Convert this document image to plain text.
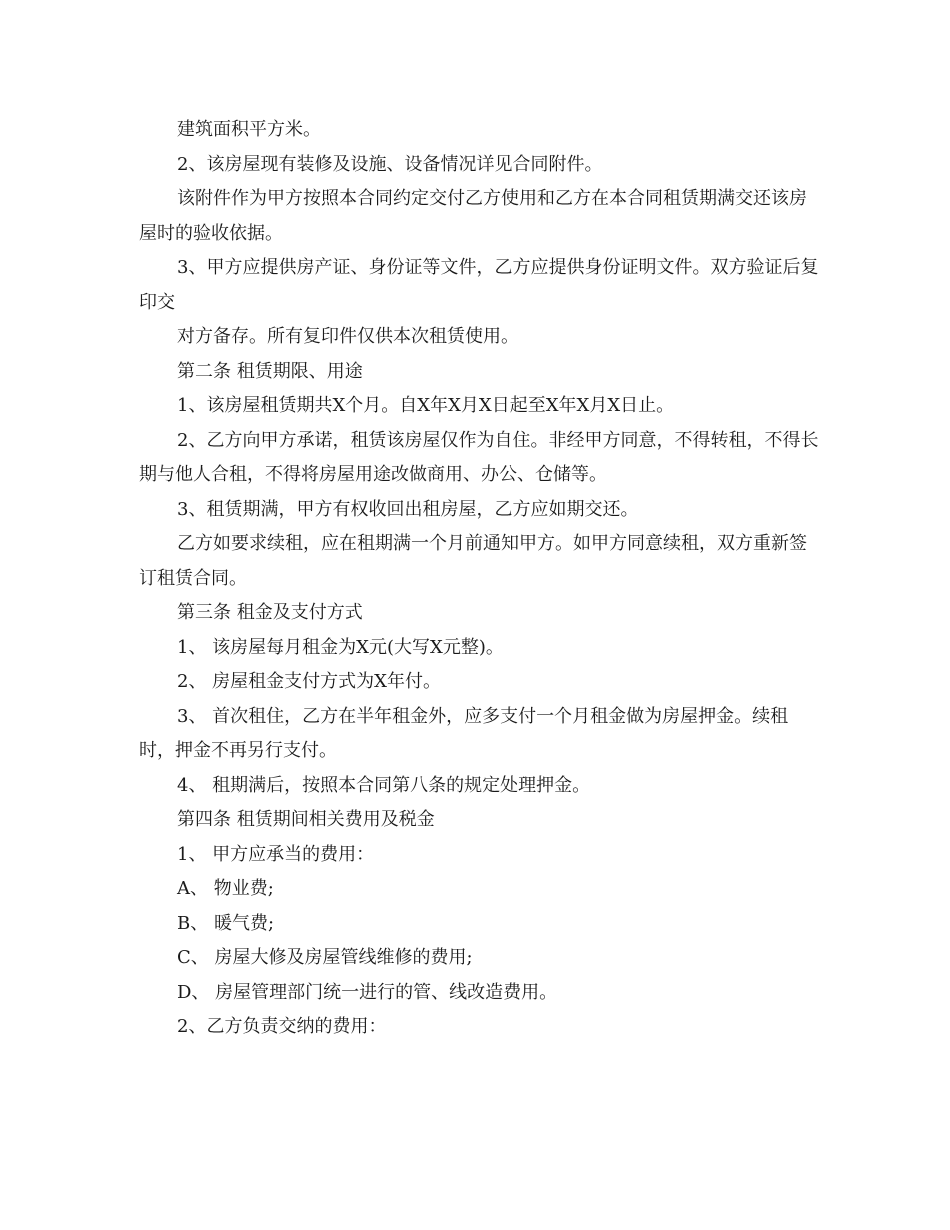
建筑面积平方米。

2、该房屋现有装修及设施、设备情况详见合同附件。

该附件作为甲方按照本合同约定交付乙方使用和乙方在本合同租赁期满交还该房屋时的验收依据。

3、甲方应提供房产证、身份证等文件，乙方应提供身份证明文件。双方验证后复印交

对方备存。所有复印件仅供本次租赁使用。

第二条 租赁期限、用途

1、该房屋租赁期共X个月。自X年X月X日起至X年X月X日止。

2、乙方向甲方承诺，租赁该房屋仅作为自住。非经甲方同意，不得转租，不得长期与他人合租，不得将房屋用途改做商用、办公、仓储等。

3、租赁期满，甲方有权收回出租房屋，乙方应如期交还。

乙方如要求续租，应在租期满一个月前通知甲方。如甲方同意续租，双方重新签订租赁合同。

第三条 租金及支付方式

1、 该房屋每月租金为X元(大写X元整)。

2、 房屋租金支付方式为X年付。

3、 首次租住，乙方在半年租金外，应多支付一个月租金做为房屋押金。续租时，押金不再另行支付。

4、 租期满后，按照本合同第八条的规定处理押金。

第四条 租赁期间相关费用及税金

1、 甲方应承当的费用：

A、 物业费;

B、 暖气费;

C、 房屋大修及房屋管线维修的费用;

D、 房屋管理部门统一进行的管、线改造费用。

2、乙方负责交纳的费用：
